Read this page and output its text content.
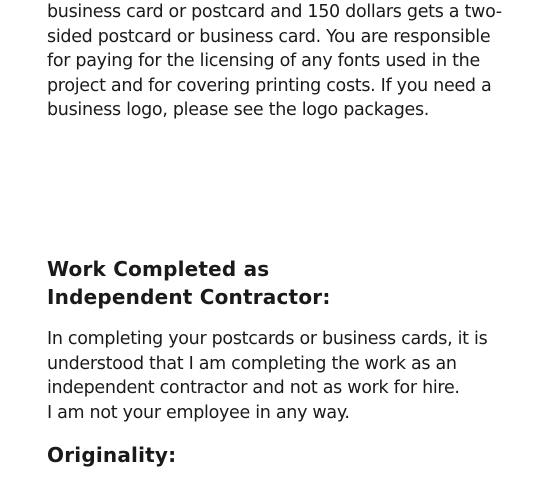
business card or postcard and 150 dollars gets a two-
sided postcard or business card. You are responsible
for paying for the licensing of any fonts used in the
project and for covering printing costs. If you need a
business logo, please see the logo packages.
Work Completed as
Independent Contractor:
In completing your postcards or business cards, it is
understood that I am completing the work as an
independent contractor and not as work for hire.
I am not your employee in any way.
Originality:
